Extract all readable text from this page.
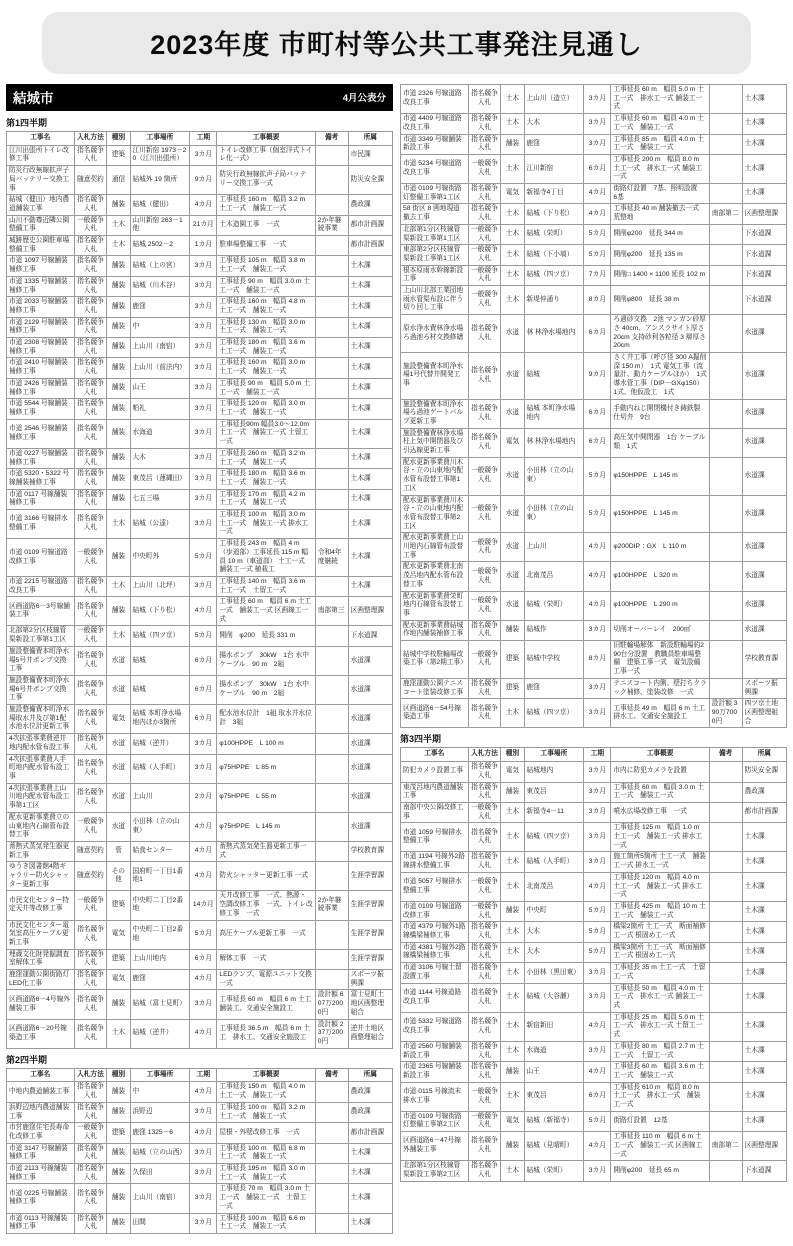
2023年度 市町村等公共工事発注見通し
結城市	4月公表分
第1四半期
工事名	入札方法	種別	工事場所	工期	工事概要	備考	所属
江川出張所トイレ改修工事	指名競争入札	建築	江川新宿 1973－20（江川出張所）	3カ月	トイレ改修工事（個室洋式トイレ化一式）		市民課
防災行政無線拡声子局バッテリー交換工事	随意契約	通信	結城外 19 箇所	9カ月	防災行政無線拡声子局バッテリー交換工事一式		防災安全課
結城（健田）地内農道舗装工事	指名競争入札	舗装	結城（健田）	4カ月	工事延長 160 m　幅員 3.2 m 土工一式　舗装工一式		農政課
山川不動尊近隣公園整備工事	一般競争入札	土木	山川新宿 263－1 他	21カ月	土木造園工事　一式	2か年継続事業	都市計画課
城跡歴史公園駐車場整備工事	指名競争入札	土木	結城 2502－2	1カ月	駐車場整備工事　一式		都市計画課
市道 1097 号線舗装補修工事	指名競争入札	舗装	結城（上の宮）	3カ月	工事延長 105 m　幅員 3.8 m 土工一式　舗装工一式		土木課
市道 1335 号線舗装補修工事	指名競争入札	舗装	結城（川木谷）	3カ月	工事延長 90 m　幅員 3.0 m 土工一式　舗装工一式		土木課
市道 2033 号線舗装補修工事	指名競争入札	舗装	鹿窪	3カ月	工事延長 160 m　幅員 4.8 m 土工一式　舗装工一式		土木課
市道 2129 号線舗装補修工事	指名競争入札	舗装	中	3カ月	工事延長 130 m　幅員 3.0 m 土工一式　舗装工一式		土木課
市道 2308 号線舗装補修工事	指名競争入札	舗装	上山川（南宿）	3カ月	工事延長 180 m　幅員 3.6 m 土工一式　舗装工一式		土木課
市道 2410 号線舗装補修工事	指名競争入札	舗装	上山川（前法内）	3カ月	工事延長 160 m　幅員 3.0 m 土工一式　舗装工一式		土木課
市道 2426 号線舗装補修工事	指名競争入札	舗装	山王	3カ月	工事延長 90 m　幅員 5.0 m 土工一式　舗装工一式		土木課
市道 5544 号線舗装補修工事	指名競争入札	舗装	粕礼	3カ月	工事延長 120 m　幅員 3.0 m 土工一式　舗装工一式		土木課
市道 2546 号線舗装補修工事	指名競争入札	舗装	水海道	3カ月	工事延長90m 幅員3.0～12.0m 土工一式　舗装工一式 土留工一式		土木課
市道 0227 号線舗装補修工事	指名競争入札	舗装	大木	3カ月	工事延長 260 m　幅員 3.2 m 土工一式　舗装工一式		土木課
市道 5320・5322 号線舗装補修工事	指名競争入札	舗装	東茂呂（蓮縄田）	3カ月	工事延長 180 m　幅員 3.6 m 土工一式　舗装工一式		土木課
市道 0117 号線舗装補修工事	指名競争入札	舗装	七五三場	3カ月	工事延長 170 m　幅員 4.2 m 土工一式　舗装工一式		土木課
市道 3166 号線排水整備工事	指名競争入札	土木	結城（公達）	3カ月	工事延長 100 m　幅員 3.0 m 土工一式　舗装工一式 排水工一式		土木課
市道 0109 号線道路改修工事	一般競争入札	舗装	中央町外	5カ月	工事延長 243 m　幅員 4 m（歩道部）工事延長 115 m 幅員 10 m（車道部） 土工一式　舗装工一式 植栽工	令和4年度継続	土木課
市道 2215 号線道路改良工事	指名競争入札	土木	上山川（北坪）	3カ月	工事延長 140 m　幅員 3.6 m 土工一式　土留工一式		土木課
区画道路6－3号線舗装工事	指名競争入札	舗装	結城（下り松）	4カ月	工事延長 60 m　幅員 6 m 土工一式　舗装工一式 区画線工一式	南部第三	区画整理課
北部第2分区枝線管渠新設工事第1工区	一般競争入札	土木	結城（四ツ京）	5カ月	開削　φ200　延長 331 m		下水道課
施設整備費本町浄水場5号井ポンプ交換工事	指名競争入札	水道	結城	6カ月	揚水ポンプ　30kW　1台 水中ケーブル　90 m　2組		水道課
施設整備費本町浄水場6号井ポンプ交換工事	指名競争入札	水道	結城	6カ月	揚水ポンプ　30kW　1台 水中ケーブル　90 m　2組		水道課
施設整備費本町浄水場取水井及び第1配水池水位計更新工事	指名競争入札	電気	結城 本町浄水場地内ほか3箇所	6カ月	配水池水位計　1組 取水井水位計　3組		水道課
4次拡張事業費逆井地内配水管布設工事	指名競争入札	水道	結城（逆井）	3カ月	φ100HPPE　L 100 m		水道課
4次拡張事業費人手町地内配水管布設工事	指名競争入札	水道	結城（人手町）	3カ月	φ75HPPE　L 85 m		水道課
4次拡張事業費上山川地内配水管布設工事第1工区	指名競争入札	水道	上山川	2カ月	φ75HPPE　L 55 m		水道課
配水更新事業費立の山東地内石綿管布設替工事	一般競争入札	水道	小田林（立の山東）	4カ月	φ75HPPE　L 145 m		水道課
蓄熱式蒸気発生器更新工事	随意契約	管	給食センター	4カ月	蓄熱式蒸気発生器更新工事一式		学校教育課
ゆうき図書館4階ギャラリー防火シャッター更新工事	随意契約	その他	国府町一丁目1番地1	4カ月	防火シャッター更新工事 一式		生涯学習課
市民文化センター特定天井等改修工事	一般競争入札	建築	中央町二丁目2番地	14カ月	天井改修工事　一式、熱源・空調改修工事　一式、トイレ改修工事　一式	2か年継続事業	生涯学習課
市民文化センター電気室高圧ケーブル更新工事	指名競争入札	電気	中央町二丁目2番地	5カ月	高圧ケーブル更新工事　一式		生涯学習課
埋蔵文化財発掘調査室解体工事	指名競争入札	建築	上山川地内	6カ月	解体工事　一式		生涯学習課
鹿窪運動公園街路灯LED化工事	指名競争入札	電気	鹿窪	4カ月	LEDランプ、電源ユニット交換　一式		スポーツ振興課
区画道路6－4号線外舗装工事	指名競争入札	舗装	結城（富士見町）	3カ月	工事延長 60 m　幅員 6 m 土工　舗装工、交通安全施設工	設計額 607万2000円	富士見町土地区画整理組合
区画道路6－20号線築造工事	指名競争入札	土木	結城（逆井）	4カ月	工事延長 36.5 m　幅員 6 m 土工　排水工、交通安全施設工	設計額 237万2000円	逆井土地区画整理組合
第2四半期
工事名	入札方法	種別	工事場所	工期	工事概要	備考	所属
中地内農道舗装工事	指名競争入札	舗装	中	4カ月	工事延長 150 m　幅員 4.0 m 土工一式　舗装工一式		農政課
浜野辺地内農道舗装工事	指名競争入札	舗装	浜野辺	3カ月	工事延長 100 m　幅員 3.2 m 土工一式　舗装工一式		農政課
市営鹿窪住宅長寿命化改修工事	一般競争入札	建築	鹿窪 1325－6	4カ月	屋根・外壁改修工事　一式		都市計画課
市道 3147 号線舗装補修工事	指名競争入札	舗装	結城（立の山西）	3カ月	工事延長 100 m　幅員 6.8 m 土工一式　舗装工一式		土木課
市道 2113 号線舗装補修工事	指名競争入札	舗装	久保田	3カ月	工事延長 195 m　幅員 3.0 m 土工一式　舗装工一式		土木課
市道 0225 号線舗装補修工事	指名競争入札	舗装	上山川（南宿）	3カ月	工事延長 70 m　幅員 3.0 m 土工一式　舗装工一式　土留工一式		土木課
市道 0113 号線舗装補修工事	指名競争入札	舗装	田間	3カ月	工事延長 100 m　幅員 6.6 m 土工一式　舗装工一式		土木課
市道 2326 号線道路改良工事	指名競争入札	土木	上山川（造立）	3カ月	工事延長 60 m　幅員 5.0 m 土工一式　排水工一式 舗装工一式		土木課
市道 4409 号線道路改良工事	指名競争入札	土木	大木	3カ月	工事延長 60 m　幅員 4.0 m 土工一式　舗装工一式		土木課
市道 3349 号線舗装新設工事	指名競争入札	舗装	鹿窪	3カ月	工事延長 85 m　幅員 4.0 m 土工一式　舗装工一式		土木課
市道 5234 号線道路改良工事	一般競争入札	土木	江川新宿	6カ月	工事延長 200 m　幅員 8.0 m 土工一式　排水工一式 舗装工一式		土木課
市道 0109 号線街路灯整備工事第1工区	指名競争入札	電気	新福寺4丁目	4カ月	街路灯設置　7基、照明設置　6基		土木課
58 街区 8 画地現道撤去工事	指名競争入札	土木	結城（下り松）	4カ月	工事延長 40 m 舗装撤去一式　荒整地	南部第二	区画整理課
北部第1分区枝線管渠新設工事第1工区	一般競争入札	土木	結城（栄町）	5カ月	開削φ200　延長 344 m		下水道課
東部第2分区枝線管渠新設工事第1工区	一般競争入札	土木	結城（下小塙）	5カ月	開削φ200　延長 135 m		下水道課
根本原雨水幹線新設工事	一般競争入札	土木	結城（四ツ京）	7カ月	開削□ 1400 × 1100 延長 102 m		下水道課
上山川北部工業団地雨水管渠布設に伴う切り回し工事	一般競争入札	土木	新堤仲通り	8カ月	開削φ800　延長 38 m		下水道課
原水浄水費林浄水場ろ過池ろ材交換修繕	指名競争入札	水道	林 林浄水場地内	6カ月	ろ過砂交換　2池 マンガン砂厚さ 40cm、アンスラサイト厚さ 20cm 支持砂利各粒径 3 層厚さ 20cm		水道課
施設整備費本町浄水場1号代替井開発工事	指名競争入札	水道	結城	9カ月	さく井工事（呼び径 300 A掘削深 150 m）　1式 電気工事（流量計、動力ケーブルほか）　1式 導水管工事（DIP－GXφ150）　1式、他仮設工　1式		水道課
施設整備費本町浄水場ろ過池ゲートバルブ更新工事	指名競争入札	水道	結城 本町浄水場地内	6カ月	手動内ねじ開閉機付き鋳鉄製仕切弁　9台		水道課
施設整備費林浄水場柱上気中開閉器及び引込線更新工事	指名競争入札	電気	林 林浄水場地内	6カ月	高圧気中開閉器　1台 ケーブル類　1式		水道課
配水更新事業費川木谷・立の山東地内配水管布設替工事第1工区	一般競争入札	水道	小田林（立の山東）	5カ月	φ150HPPE　L 145 m		水道課
配水更新事業費川木谷・立の山東地内配水管布設替工事第2工区	一般競争入札	水道	小田林（立の山東）	5カ月	φ150HPPE　L 145 m		水道課
配水更新事業費上山川地内石綿管布設替工事	一般競争入札	水道	上山川	4カ月	φ200DIP：GX　L 110 m		水道課
配水更新事業費北南茂呂地内配水管布設替工事	一般競争入札	水道	北南茂呂	4カ月	φ100HPPE　L 320 m		水道課
配水更新事業費栄町地内石綿管布設替工事	一般競争入札	水道	結城（栄町）	4カ月	φ100HPPE　L 290 m		水道課
配水更新事業費結城作地内舗装補修工事	指名競争入札	舗装	結城作	3カ月	切削オーバーレイ　200㎡		水道課
結城中学校駐輪場改築工事（第2期工事）	一般競争入札	建築	結城中学校	8カ月	旧駐輪場解体　新設駐輪場約290台分設置　教職員駐車場整備　建築工事一式　電気設備工事一式		学校教育課
鹿窪運動公園テニスコート塗装改修工事	指名競争入札	建築	鹿窪	3カ月	テニスコート内側、壁打ちクラック補修、塗装改修　一式		スポーツ振興課
区画道路6－54号線築造工事	指名競争入札	土木	結城（四ツ京）	3カ月	工事延長 49 m　幅員 6 m 土工　排水工、交通安全施設工	設計額 390万7000円	四ツ京土地区画整理組合
第3四半期
工事名	入札方法	種別	工事場所	工期	工事概要	備考	所属
防犯カメラ設置工事	指名競争入札	電気	結城地内	3カ月	市内に防犯カメラを設置		防災安全課
東茂呂地内農道舗装工事	指名競争入札	舗装	東茂呂	3カ月	工事延長 60 m　幅員 3.0 m 土工一式　舗装工一式		農政課
南部中央公園改修工事	一般競争入札	土木	新福寺4－11	3カ月	噴水広場改修工事　一式		都市計画課
市道 1059 号線排水整備工事	指名競争入札	土木	結城（四ツ京）	3カ月	工事延長 125 m　幅員 1.0 m 土工一式　舗装工一式 排水工一式		土木課
市道 1194 号線外2路線排水整備工事	指名競争入札	土木	結城（人手町）	3カ月	施工箇所5箇所 土工一式　舗装工一式 排水工一式		土木課
市道 5057 号線排水整備工事	一般競争入札	土木	北南茂呂	4カ月	工事延長 120 m　幅員 4.0 m 土工一式　舗装工一式 排水工一式		土木課
市道 0109 号線道路改修工事	一般競争入札	舗装	中央町	5カ月	工事延長 425 m　幅員 10 m 土工一式　舗装工一式		土木課
市道 4379 号線外1路線橋梁補修工事	指名競争入札	土木	大木	5カ月	橋梁2箇所 土工一式　断面補修工一式 根固め工一式		土木課
市道 4381 号線外2路線橋梁補修工事	指名競争入札	土木	大木	5カ月	橋梁3箇所 土工一式　断面補修工一式 根固め工一式		土木課
市道 3106 号線土留設置工事	指名競争入札	土木	小田林（黒田東）	3カ月	工事延長 35 m 土工一式　土留工一式		土木課
市道 1144 号線道路改良工事	指名競争入札	土木	結城（大谷瀬）	3カ月	工事延長 50 m　幅員 4.0 m 土工一式　排水工一式 舗装工一式		土木課
市道 5332 号線道路改良工事	指名競争入札	土木	新宿新田	4カ月	工事延長 25 m　幅員 5.0 m 土工一式　排水工一式 土留工一式		土木課
市道 2560 号線舗装新設工事	指名競争入札	土木	水海道	3カ月	工事延長 80 m　幅員 2.7 m 土工一式　土留工一式		土木課
市道 2365 号線舗装新設工事	指名競争入札	舗装	山王	4カ月	工事延長 60 m　幅員 3.6 m 土工一式　舗装工一式		土木課
市道 0115 号線流末排水工事	一般競争入札	土木	東茂呂	6カ月	工事延長 610 m　幅員 8.0 m 土工一式　排水工一式　舗装工一式		土木課
市道 0109 号線街路灯整備工事第2工区	一般競争入札	電気	結城（新福寺）	5カ月	街路灯設置　12基		土木課
区画道路6－47号線外舗装工事	指名競争入札	舗装	結城（見晴町）	4カ月	工事延長 110 m　幅員 6 m 土工一式　舗装工一式 区画線工一式	南部第二	区画整理課
北部第1分区枝線管渠新設工事第2工区	指名競争入札	土木	結城（栄町）	3カ月	開削φ200　延長 65 m		下水道課
